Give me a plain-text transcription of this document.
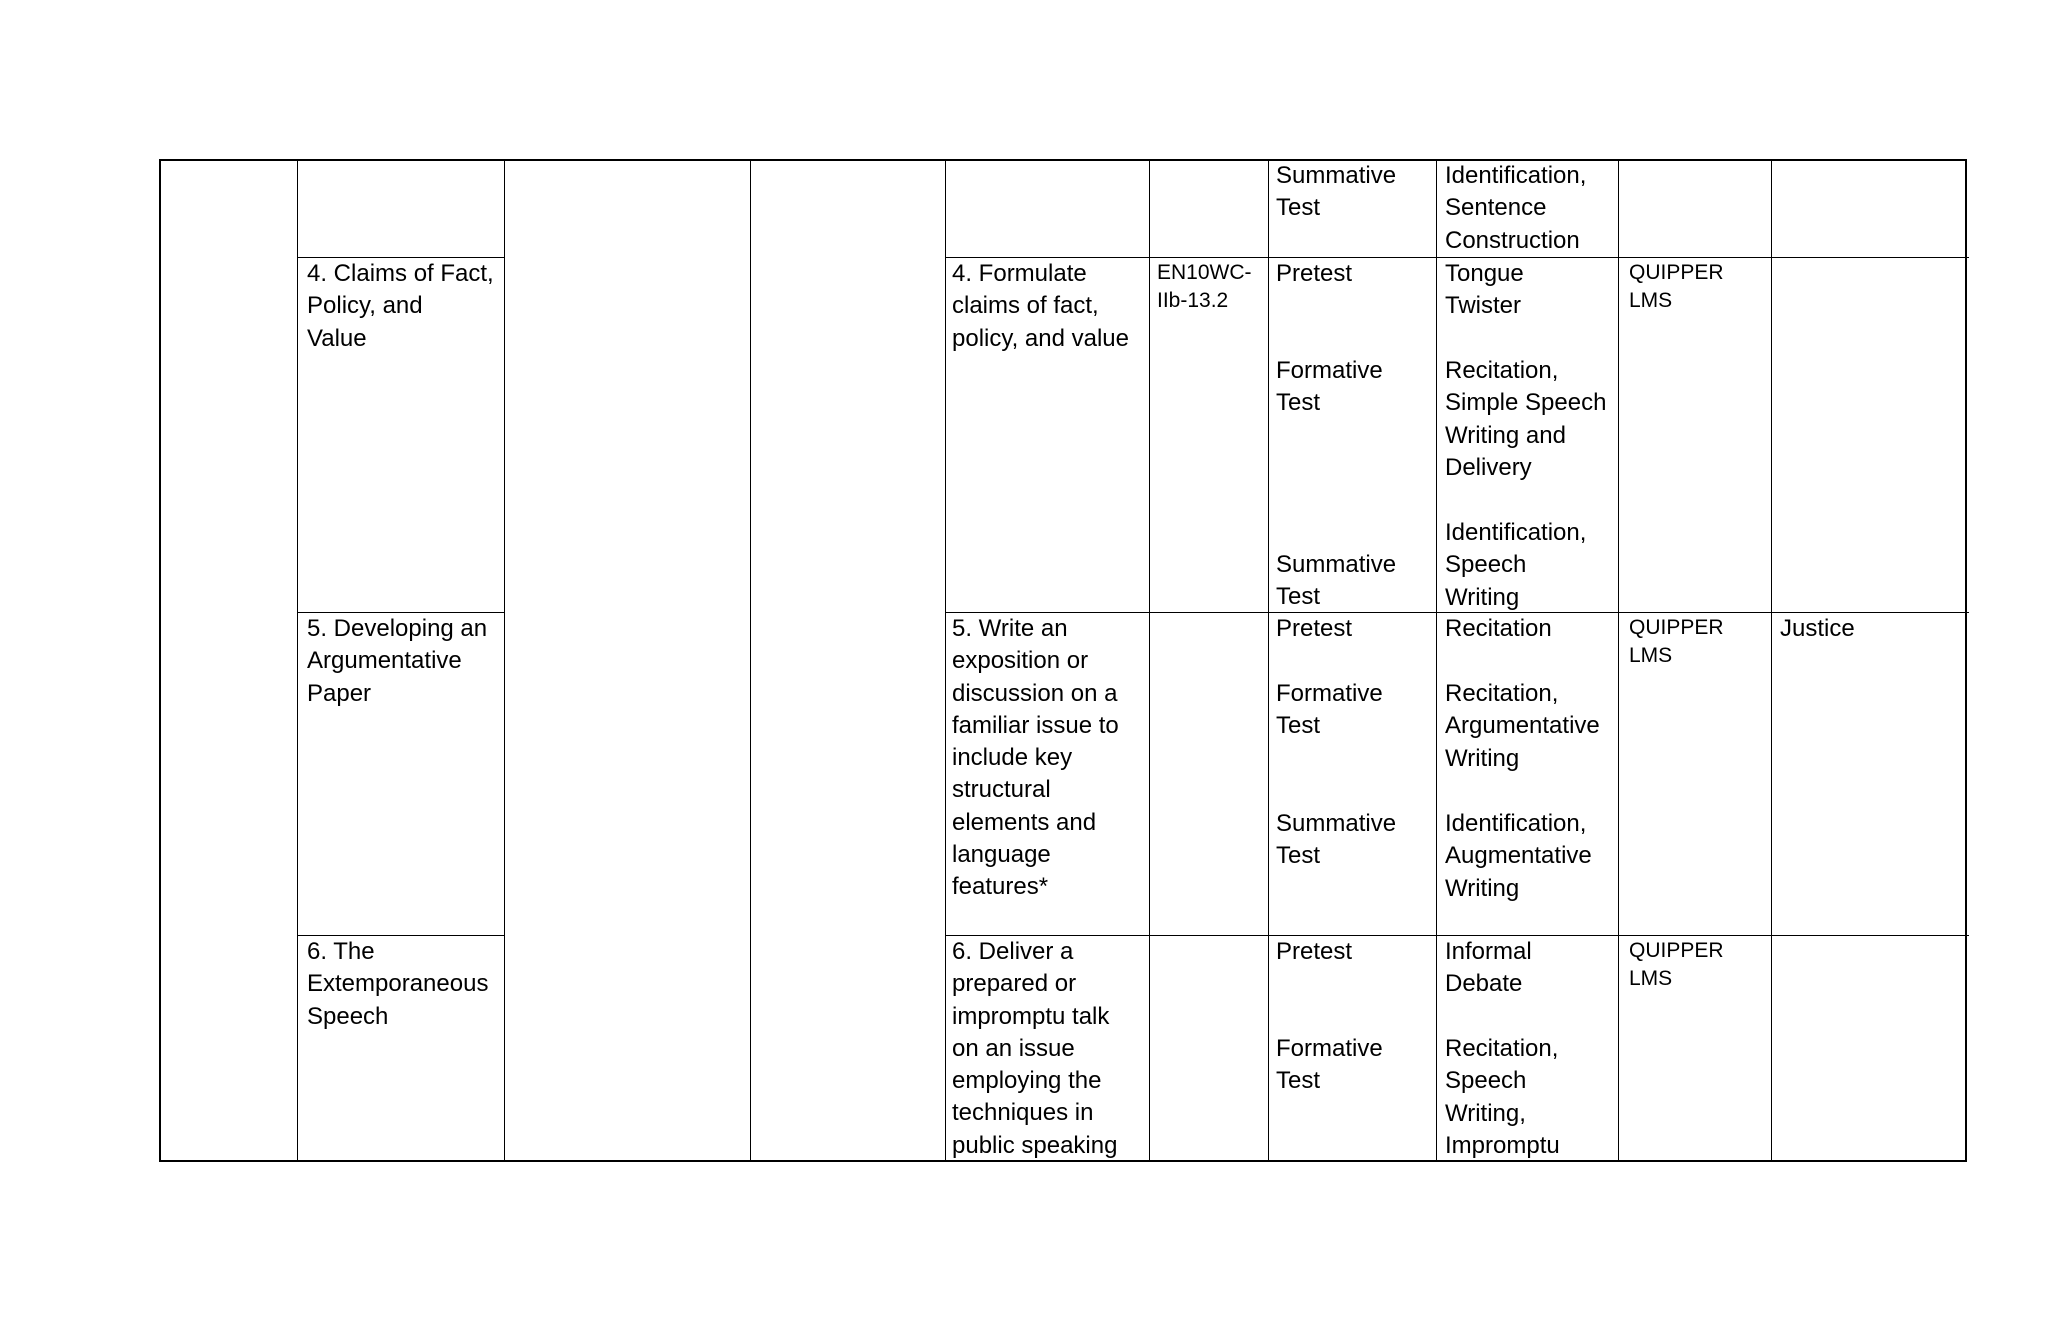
Summative
Test

Identification,
Sentence
Construction

4. Claims of Fact,
Policy, and
Value

4. Formulate
claims of fact,
policy, and value

EN10WC-
IIb-13.2

Pretest

Formative
Test

Summative
Test

Tongue
Twister

Recitation,
Simple Speech
Writing and
Delivery

Identification,
Speech
Writing

QUIPPER
LMS

5. Developing an
Argumentative
Paper

5. Write an
exposition or
discussion on a
familiar issue to
include key
structural
elements and
language
features*

Pretest

Formative
Test

Summative
Test

Recitation

Recitation,
Argumentative
Writing

Identification,
Augmentative
Writing

QUIPPER
LMS

Justice

6. The
Extemporaneous
Speech

6. Deliver a
prepared or
impromptu talk
on an issue
employing the
techniques in
public speaking

Pretest

Formative
Test

Informal
Debate

Recitation,
Speech
Writing,
Impromptu

QUIPPER
LMS
